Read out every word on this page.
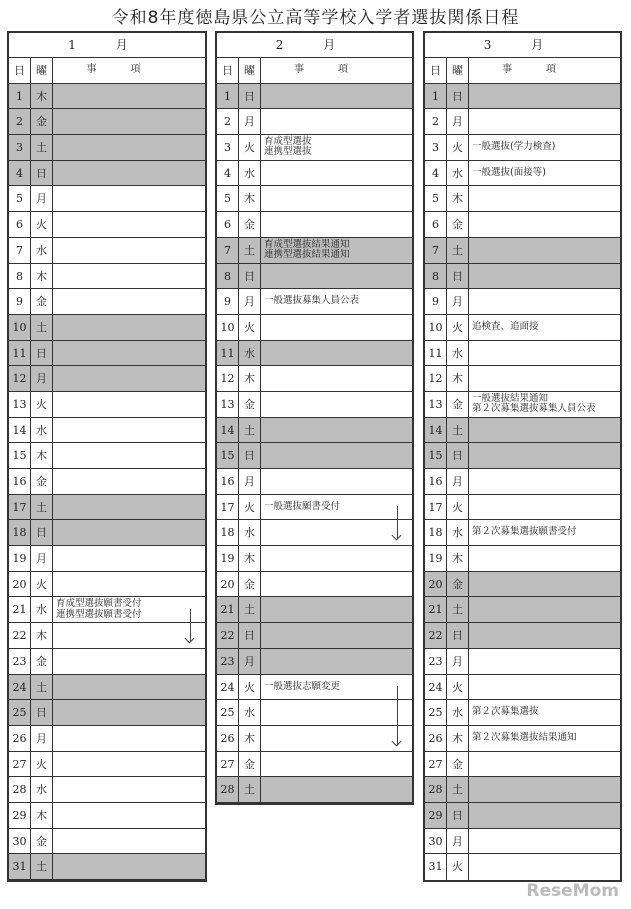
令和8年度徳島県公立高等学校入学者選抜関係日程
1 月
日	曜	事項
1	木
2	金
3	土
4	日
5	月
6	火
7	水
8	木
9	金
10 土
11 日
12 月
13 火
14 水
15 木
16 金
17 土
18 日
19 月
20 火
21 水 育成型選抜願書受付
連携型選抜願書受付
22 木
23 金
24 土
25 日
26 月
27 火
28 水
29 木
30 金
31 土
2 月
日	曜	事項
1	日
2	月
3	火 育成型選抜
連携型選抜
4	水
5	木
6	金
7	土 育成型選抜結果通知
連携型選抜結果通知
8	日
9	月 一般選抜募集人員公表
10 火
11 水
12 木
13 金
14 土
15 日
16 月
17 火 一般選抜願書受付
18 水
19 木
20 金
21 土
22 日
23 月
24 火 一般選抜志願変更
25 水
26 木
27 金
28 土
3 月
日	曜	事項
1	日
2	月
3	火 一般選抜(学力検査)
4	水 一般選抜(面接等)
5	木
6	金
7	土
8	日
9	月
10 火 追検査、追面接
11 水
12 木
13 金 一般選抜結果通知
第２次募集選抜募集人員公表
14 土
15 日
16 月
17 火
18 水 第２次募集選抜願書受付
19 木
20 金
21 土
22 日
23 月
24 火
25 水 第２次募集選抜
26 木 第２次募集選抜結果通知
27 金
28 土
29 日
30 月
31 火
ReseMom
